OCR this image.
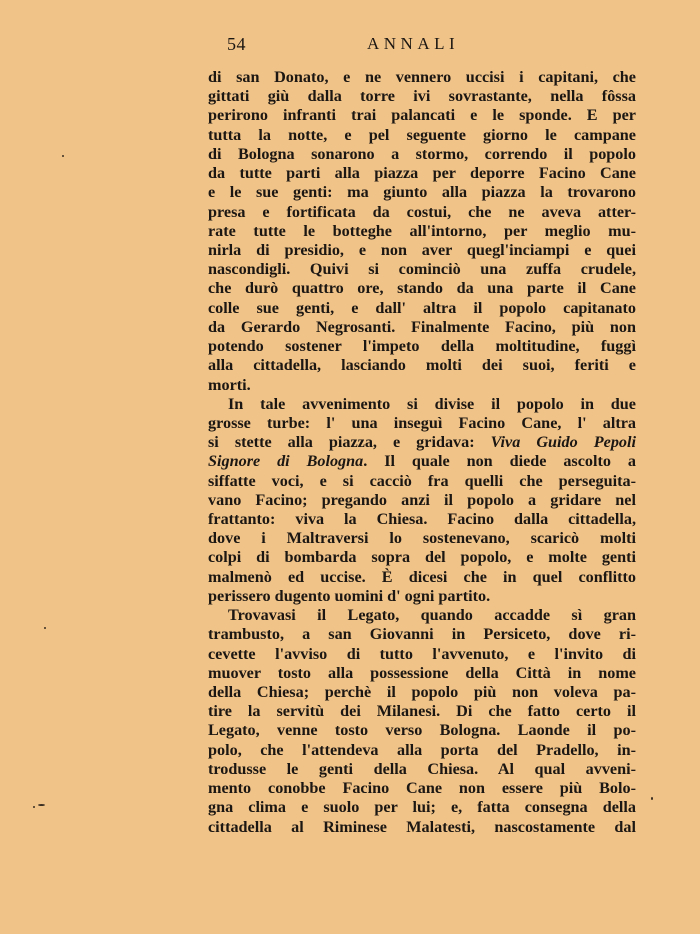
54	ANNALI
di san Donato, e ne vennero uccisi i capitani, che
gittati giù dalla torre ivi sovrastante, nella fôssa
perirono infranti trai palancati e le sponde. E per
tutta la notte, e pel seguente giorno le campane
di Bologna sonarono a stormo, correndo il popolo
da tutte parti alla piazza per deporre Facino Cane
e le sue genti: ma giunto alla piazza la trovarono
presa e fortificata da costui, che ne aveva atter-
rate tutte le botteghe all'intorno, per meglio mu-
nirla di presidio, e non aver quegl'inciampi e quei
nascondigli. Quivi si cominciò una zuffa crudele,
che durò quattro ore, stando da una parte il Cane
colle sue genti, e dall' altra il popolo capitanato
da Gerardo Negrosanti. Finalmente Facino, più non
potendo sostener l'impeto della moltitudine, fuggì
alla cittadella, lasciando molti dei suoi, feriti e
morti.
In tale avvenimento si divise il popolo in due
grosse turbe: l' una inseguì Facino Cane, l' altra
si stette alla piazza, e gridava: Viva Guido Pepoli
Signore di Bologna. Il quale non diede ascolto a
siffatte voci, e si cacciò fra quelli che perseguita-
vano Facino; pregando anzi il popolo a gridare nel
frattanto: viva la Chiesa. Facino dalla cittadella,
dove i Maltraversi lo sostenevano, scaricò molti
colpi di bombarda sopra del popolo, e molte genti
malmenò ed uccise. È dicesi che in quel conflitto
perissero dugento uomini d' ogni partito.
Trovavasi il Legato, quando accadde sì gran
trambusto, a san Giovanni in Persiceto, dove ri-
cevette l'avviso di tutto l'avvenuto, e l'invito di
muover tosto alla possessione della Città in nome
della Chiesa; perchè il popolo più non voleva pa-
tire la servitù dei Milanesi. Di che fatto certo il
Legato, venne tosto verso Bologna. Laonde il po-
polo, che l'attendeva alla porta del Pradello, in-
trodusse le genti della Chiesa. Al qual avveni-
mento conobbe Facino Cane non essere più Bolo-
gna clima e suolo per lui; e, fatta consegna della
cittadella al Riminese Malatesti, nascostamente dal
